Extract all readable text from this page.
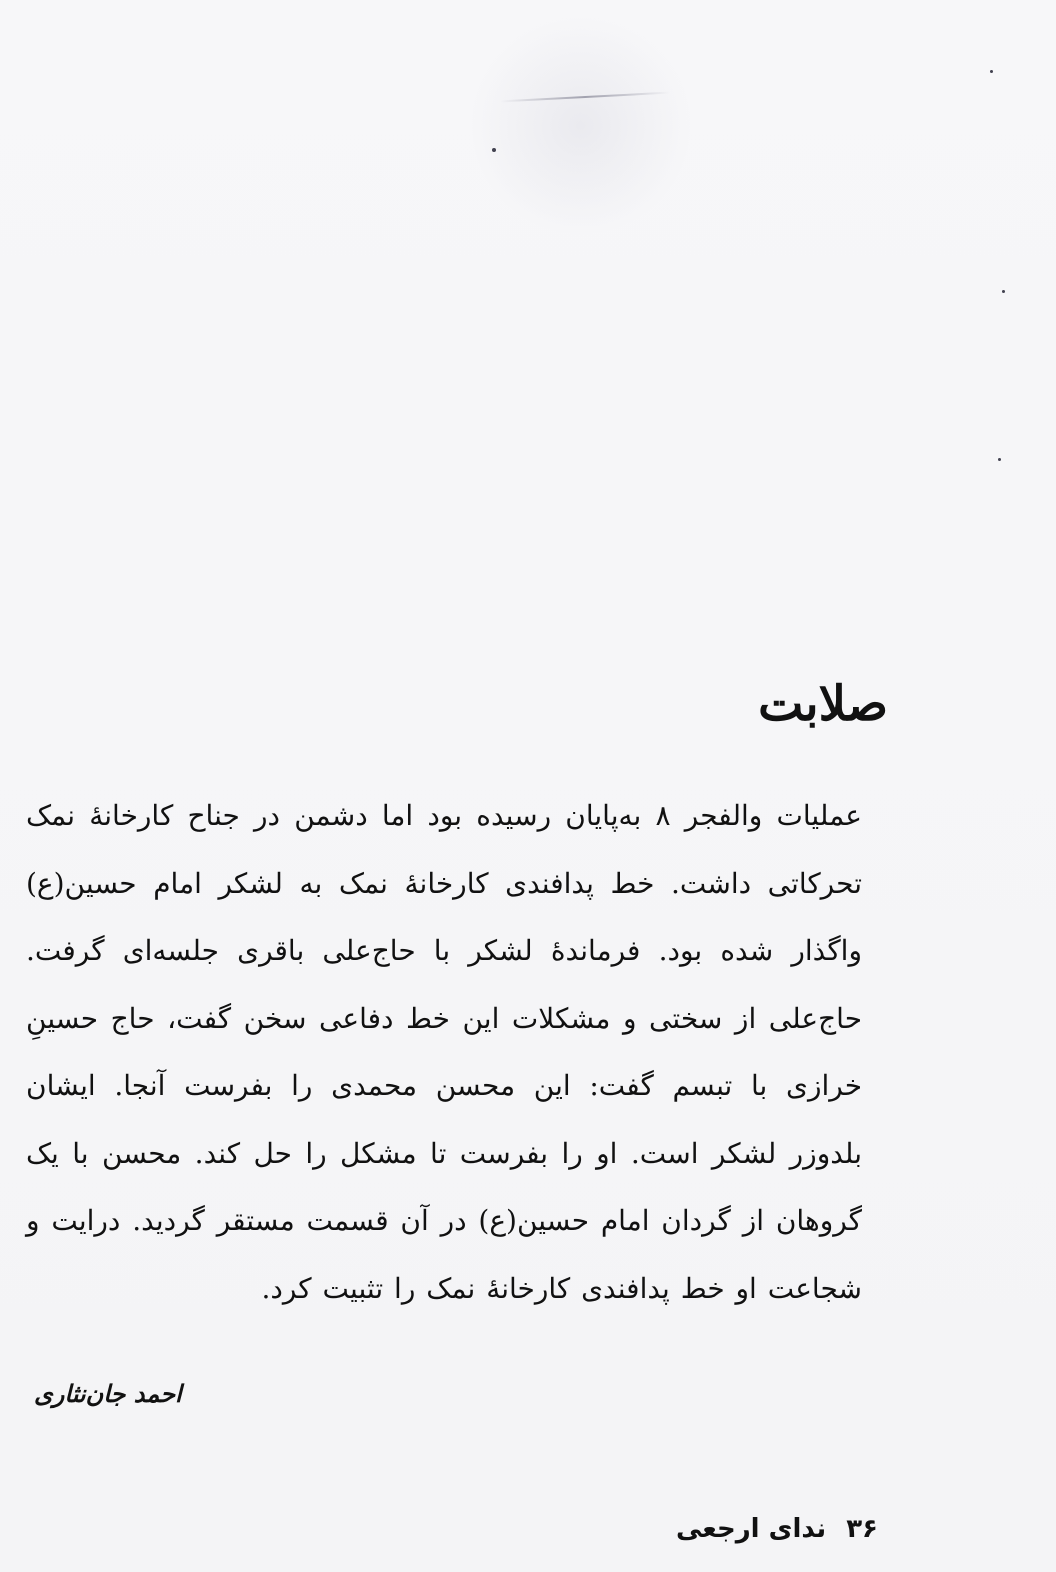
صلابت
عملیات والفجر ۸ به‌پایان رسیده بود اما دشمن در جناح کارخانهٔ نمک تحرکاتی داشت. خط پدافندی کارخانهٔ نمک به لشکر امام حسین(ع) واگذار شده بود. فرماندهٔ لشکر با حاج‌علی باقری جلسه‌ای گرفت. حاج‌علی از سختی و مشکلات این خط دفاعی سخن گفت، حاج حسینِ خرازی با تبسم گفت: این محسن محمدی را بفرست آنجا. ایشان بلدوزر لشکر است. او را بفرست تا مشکل را حل کند. محسن با یک گروهان از گردان امام حسین(ع) در آن قسمت مستقر گردید. درایت و شجاعت او خط پدافندی کارخانهٔ نمک را تثبیت کرد.
احمد جان‌نثاری
۳۶
ندای ارجعی
